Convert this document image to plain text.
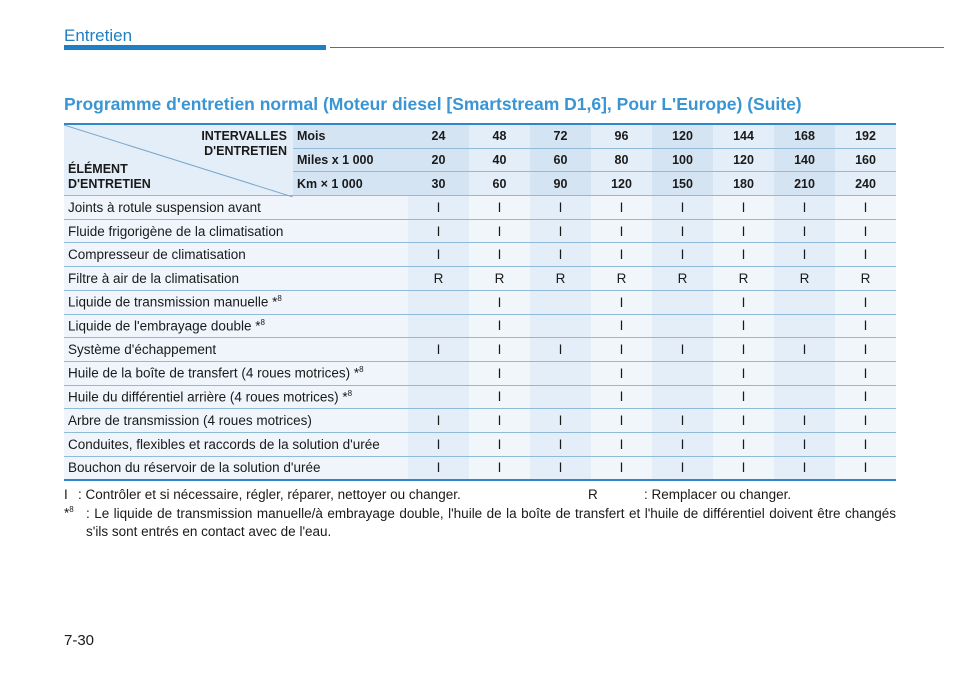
Entretien
Programme d'entretien normal (Moteur diesel [Smartstream D1,6], Pour L'Europe) (Suite)
INTERVALLES
D'ENTRETIEN
ÉLÉMENT
D'ENTRETIEN	Mois	24	48	72	96	120	144	168	192
	Miles x 1 000	20	40	60	80	100	120	140	160
	Km × 1 000	30	60	90	120	150	180	210	240
Joints à rotule suspension avant		I	I	I	I	I	I	I	I
Fluide frigorigène de la climatisation		I	I	I	I	I	I	I	I
Compresseur de climatisation		I	I	I	I	I	I	I	I
Filtre à air de la climatisation		R	R	R	R	R	R	R	R
Liquide de transmission manuelle *$^8$			I		I		I		I
Liquide de l'embrayage double *$^8$			I		I		I		I
Système d'échappement		I	I	I	I	I	I	I	I
Huile de la boîte de transfert (4 roues motrices) *$^8$			I		I		I		I
Huile du différentiel arrière (4 roues motrices) *$^8$			I		I		I		I
Arbre de transmission (4 roues motrices)		I	I	I	I	I	I	I	I
Conduites, flexibles et raccords de la solution d'urée		I	I	I	I	I	I	I	I
Bouchon du réservoir de la solution d'urée		I	I	I	I	I	I	I	I
I : Contrôler et si nécessaire, régler, réparer, nettoyer ou changer.	R	: Remplacer ou changer.
*$^8$ : Le liquide de transmission manuelle/à embrayage double, l'huile de la boîte de transfert et l'huile de différentiel doivent être changés s'ils sont entrés en contact avec de l'eau.
7-30
